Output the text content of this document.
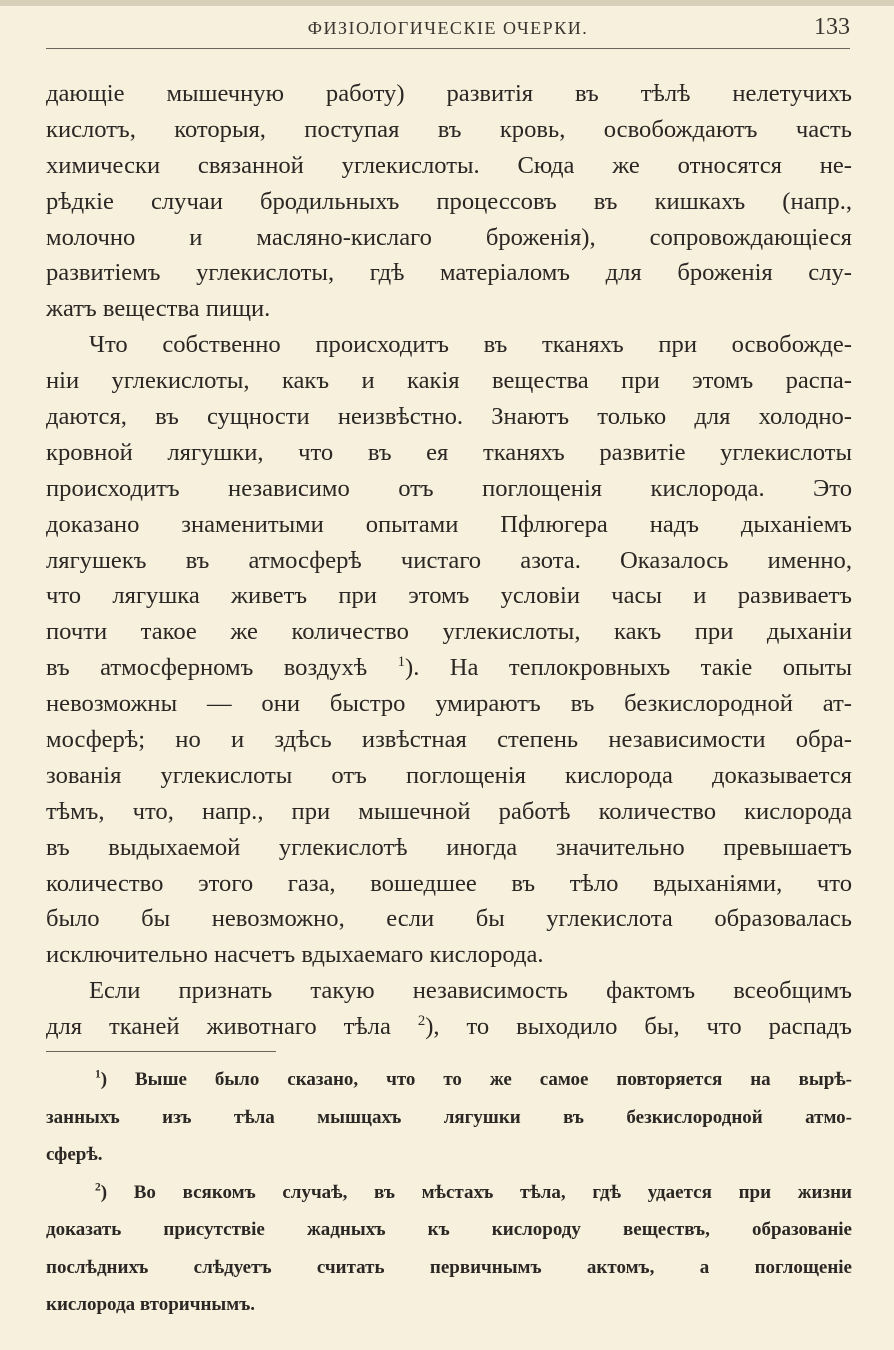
ФИЗІОЛОГИЧЕСКІЕ ОЧЕРКИ.	133
дающіе мышечную работу) развитія въ тѣлѣ нелетучихъ
кислотъ, которыя, поступая въ кровь, освобождаютъ часть
химически связанной углекислоты. Сюда же относятся не-
рѣдкіе случаи бродильныхъ процессовъ въ кишкахъ (напр.,
молочно и масляно-кислаго броженія), сопровождающіеся
развитіемъ углекислоты, гдѣ матеріаломъ для броженія слу-
жатъ вещества пищи.
Что собственно происходитъ въ тканяхъ при освобожде-
ніи углекислоты, какъ и какія вещества при этомъ распа-
даются, въ сущности неизвѣстно. Знаютъ только для холодно-
кровной лягушки, что въ ея тканяхъ развитіе углекислоты
происходитъ независимо отъ поглощенія кислорода. Это
доказано знаменитыми опытами Пфлюгера надъ дыханіемъ
лягушекъ въ атмосферѣ чистаго азота. Оказалось именно,
что лягушка живетъ при этомъ условіи часы и развиваетъ
почти такое же количество углекислоты, какъ при дыханіи
въ атмосферномъ воздухѣ $^1$). На теплокровныхъ такіе опыты
невозможны — они быстро умираютъ въ безкислородной ат-
мосферѣ; но и здѣсь извѣстная степень независимости обра-
зованія углекислоты отъ поглощенія кислорода доказывается
тѣмъ, что, напр., при мышечной работѣ количество кислорода
въ выдыхаемой углекислотѣ иногда значительно превышаетъ
количество этого газа, вошедшее въ тѣло вдыханіями, что
было бы невозможно, если бы углекислота образовалась
исключительно насчетъ вдыхаемаго кислорода.
Если признать такую независимость фактомъ всеобщимъ
для тканей животнаго тѣла $^2$), то выходило бы, что распадъ
$^1$) Выше было сказано, что то же самое повторяется на вырѣ-
занныхъ изъ тѣла мышцахъ лягушки въ безкислородной атмо-
сферѣ.
$^2$) Во всякомъ случаѣ, въ мѣстахъ тѣла, гдѣ удается при жизни
доказать присутствіе жадныхъ къ кислороду веществъ, образованіе
послѣднихъ слѣдуетъ считать первичнымъ актомъ, а поглощеніе
кислорода вторичнымъ.
